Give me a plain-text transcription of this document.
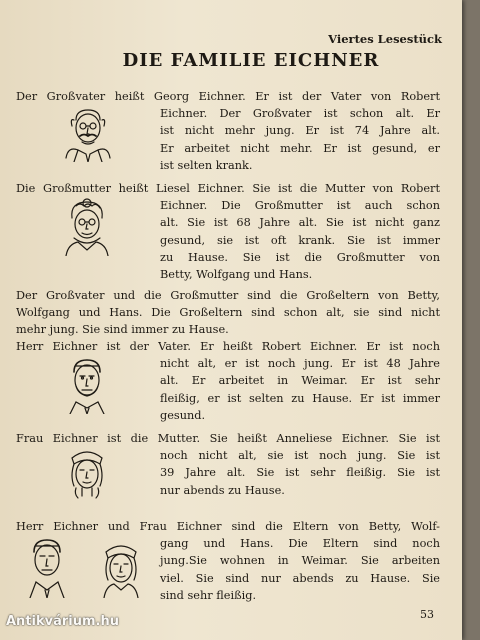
Viertes Lesestück
DIE FAMILIE EICHNER
Der Großvater heißt Georg Eichner. Er ist der Vater von Robert
Eichner. Der Großvater ist schon alt. Er
ist nicht mehr jung. Er ist 74 Jahre alt.
Er arbeitet nicht mehr. Er ist gesund, er
ist selten krank.
Die Großmutter heißt Liesel Eichner. Sie ist die Mutter von Robert
Eichner. Die Großmutter ist auch schon
alt. Sie ist 68 Jahre alt. Sie ist nicht ganz
gesund, sie ist oft krank. Sie ist immer
zu Hause. Sie ist die Großmutter von
Betty, Wolfgang und Hans.
Der Großvater und die Großmutter sind die Großeltern von Betty,
Wolfgang und Hans. Die Großeltern sind schon alt, sie sind nicht
mehr jung. Sie sind immer zu Hause.
Herr Eichner ist der Vater. Er heißt Robert Eichner. Er ist noch
nicht alt, er ist noch jung. Er ist 48 Jahre
alt. Er arbeitet in Weimar. Er ist sehr
fleißig, er ist selten zu Hause. Er ist immer
gesund.
Frau Eichner ist die Mutter. Sie heißt Anneliese Eichner. Sie ist
noch nicht alt, sie ist noch jung. Sie ist
39 Jahre alt. Sie ist sehr fleißig. Sie ist
nur abends zu Hause.
Herr Eichner und Frau Eichner sind die Eltern von Betty, Wolf-
gang und Hans. Die Eltern sind noch
jung.Sie wohnen in Weimar. Sie arbeiten
viel. Sie sind nur abends zu Hause. Sie
sind sehr fleißig.
53
Antikvárium.hu
